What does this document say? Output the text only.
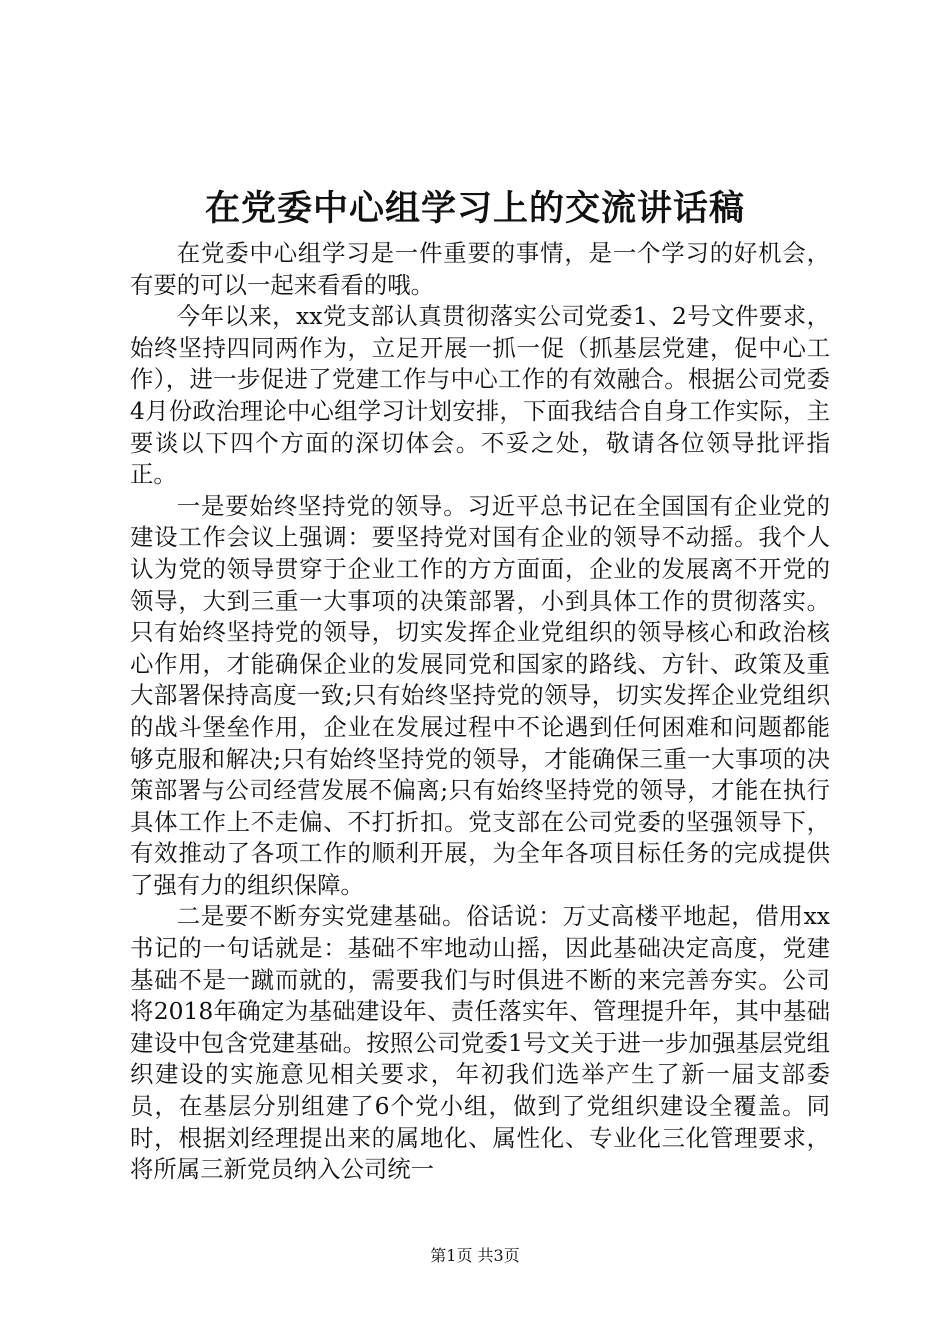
在党委中心组学习上的交流讲话稿

在党委中心组学习是一件重要的事情，是一个学习的好机会，有要的可以一起来看看的哦。

今年以来，xx党支部认真贯彻落实公司党委1、2号文件要求，始终坚持四同两作为，立足开展一抓一促（抓基层党建，促中心工作），进一步促进了党建工作与中心工作的有效融合。根据公司党委4月份政治理论中心组学习计划安排，下面我结合自身工作实际，主要谈以下四个方面的深切体会。不妥之处，敬请各位领导批评指正。

一是要始终坚持党的领导。习近平总书记在全国国有企业党的建设工作会议上强调：要坚持党对国有企业的领导不动摇。我个人认为党的领导贯穿于企业工作的方方面面，企业的发展离不开党的领导，大到三重一大事项的决策部署，小到具体工作的贯彻落实。只有始终坚持党的领导，切实发挥企业党组织的领导核心和政治核心作用，才能确保企业的发展同党和国家的路线、方针、政策及重大部署保持高度一致;只有始终坚持党的领导，切实发挥企业党组织的战斗堡垒作用，企业在发展过程中不论遇到任何困难和问题都能够克服和解决;只有始终坚持党的领导，才能确保三重一大事项的决策部署与公司经营发展不偏离;只有始终坚持党的领导，才能在执行具体工作上不走偏、不打折扣。党支部在公司党委的坚强领导下，有效推动了各项工作的顺利开展，为全年各项目标任务的完成提供了强有力的组织保障。

二是要不断夯实党建基础。俗话说：万丈高楼平地起，借用xx书记的一句话就是：基础不牢地动山摇，因此基础决定高度，党建基础不是一蹴而就的，需要我们与时俱进不断的来完善夯实。公司将2018年确定为基础建设年、责任落实年、管理提升年，其中基础建设中包含党建基础。按照公司党委1号文关于进一步加强基层党组织建设的实施意见相关要求，年初我们选举产生了新一届支部委员，在基层分别组建了6个党小组，做到了党组织建设全覆盖。同时，根据刘经理提出来的属地化、属性化、专业化三化管理要求，将所属三新党员纳入公司统一

第1页 共3页
